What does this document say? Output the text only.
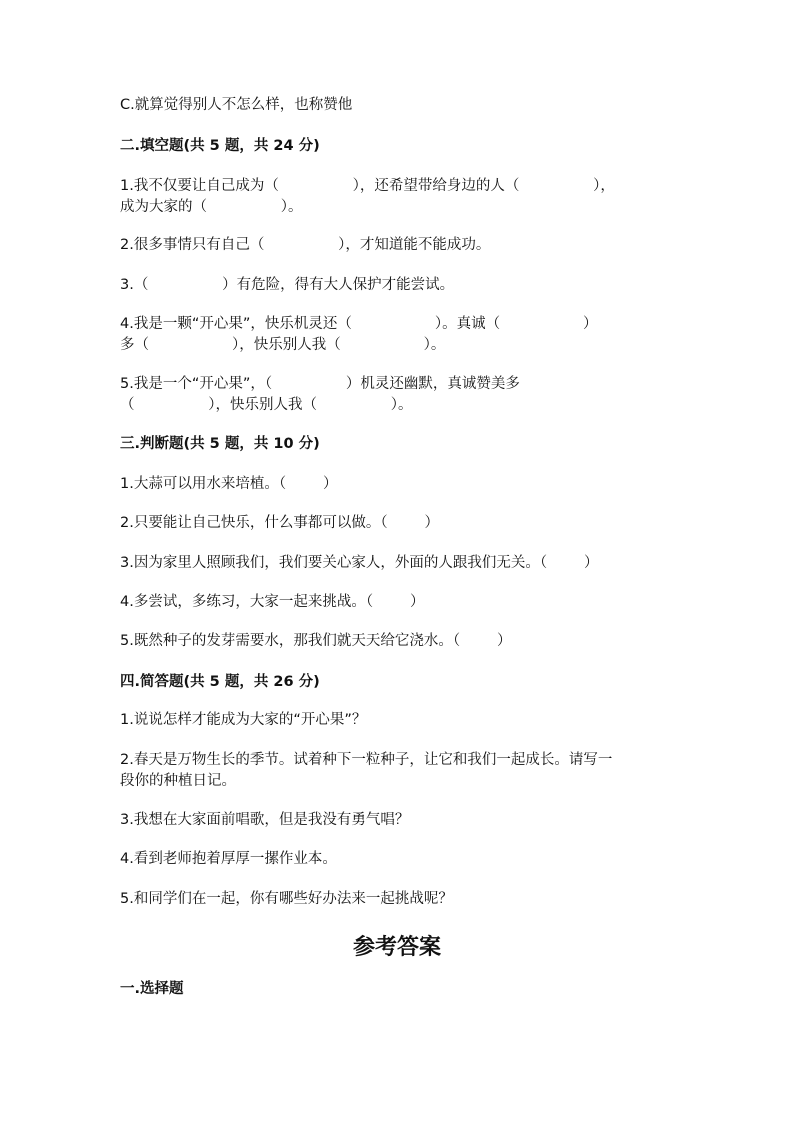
C.就算觉得别人不怎么样，也称赞他
二.填空题(共 5 题，共 24 分)
1.我不仅要让自己成为（                ），还希望带给身边的人（                ），
成为大家的（                ）。
2.很多事情只有自己（                ），才知道能不能成功。
3.（                ）有危险，得有大人保护才能尝试。
4.我是一颗“开心果”，快乐机灵还（                  ）。真诚（                  ）
多（                  ），快乐别人我（                  ）。
5.我是一个“开心果”，（                ）机灵还幽默，真诚赞美多
（                ），快乐别人我（                ）。
三.判断题(共 5 题，共 10 分)
1.大蒜可以用水来培植。（        ）
2.只要能让自己快乐，什么事都可以做。（        ）
3.因为家里人照顾我们，我们要关心家人，外面的人跟我们无关。（        ）
4.多尝试，多练习，大家一起来挑战。（        ）
5.既然种子的发芽需要水，那我们就天天给它浇水。（        ）
四.简答题(共 5 题，共 26 分)
1.说说怎样才能成为大家的“开心果”？
2.春天是万物生长的季节。试着种下一粒种子，让它和我们一起成长。请写一
段你的种植日记。
3.我想在大家面前唱歌，但是我没有勇气唱？
4.看到老师抱着厚厚一摞作业本。
5.和同学们在一起，你有哪些好办法来一起挑战呢？
参考答案
一.选择题
